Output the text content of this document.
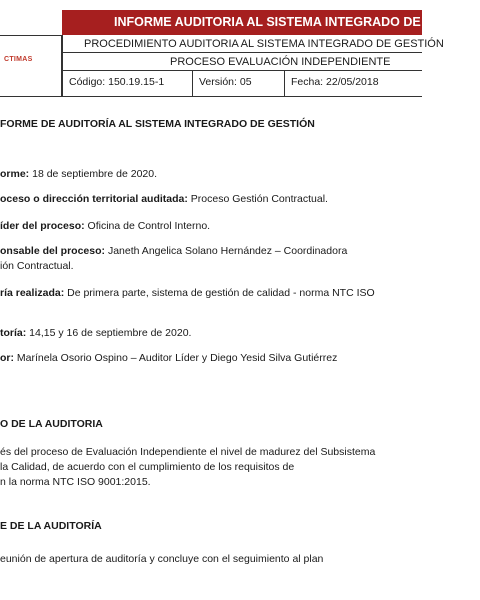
CTIMAS
INFORME AUDITORIA AL SISTEMA INTEGRADO DE GESTIÓN
PROCEDIMIENTO AUDITORIA AL SISTEMA INTEGRADO DE GESTIÓN
PROCESO EVALUACIÓN INDEPENDIENTE
Código: 150.19.15-1	Versión: 05	Fecha: 22/05/2018

FORME DE AUDITORÍA AL SISTEMA INTEGRADO DE GESTIÓN

orme: 18 de septiembre de 2020.

oceso o dirección territorial auditada: Proceso Gestión Contractual.

íder del proceso: Oficina de Control Interno.

onsable del proceso: Janeth Angelica Solano Hernández – Coordinadora

ión Contractual.

ría realizada: De primera parte, sistema de gestión de calidad - norma NTC ISO

toría: 14,15 y 16 de septiembre de 2020.

or: Marínela Osorio Ospino – Auditor Líder y Diego Yesid Silva Gutiérrez

O DE LA AUDITORIA

és del proceso de Evaluación Independiente el nivel de madurez del Subsistema

la Calidad, de acuerdo con el cumplimiento de los requisitos de

n la norma NTC ISO 9001:2015.

E DE LA AUDITORÍA

eunión de apertura de auditoría y concluye con el seguimiento al plan
